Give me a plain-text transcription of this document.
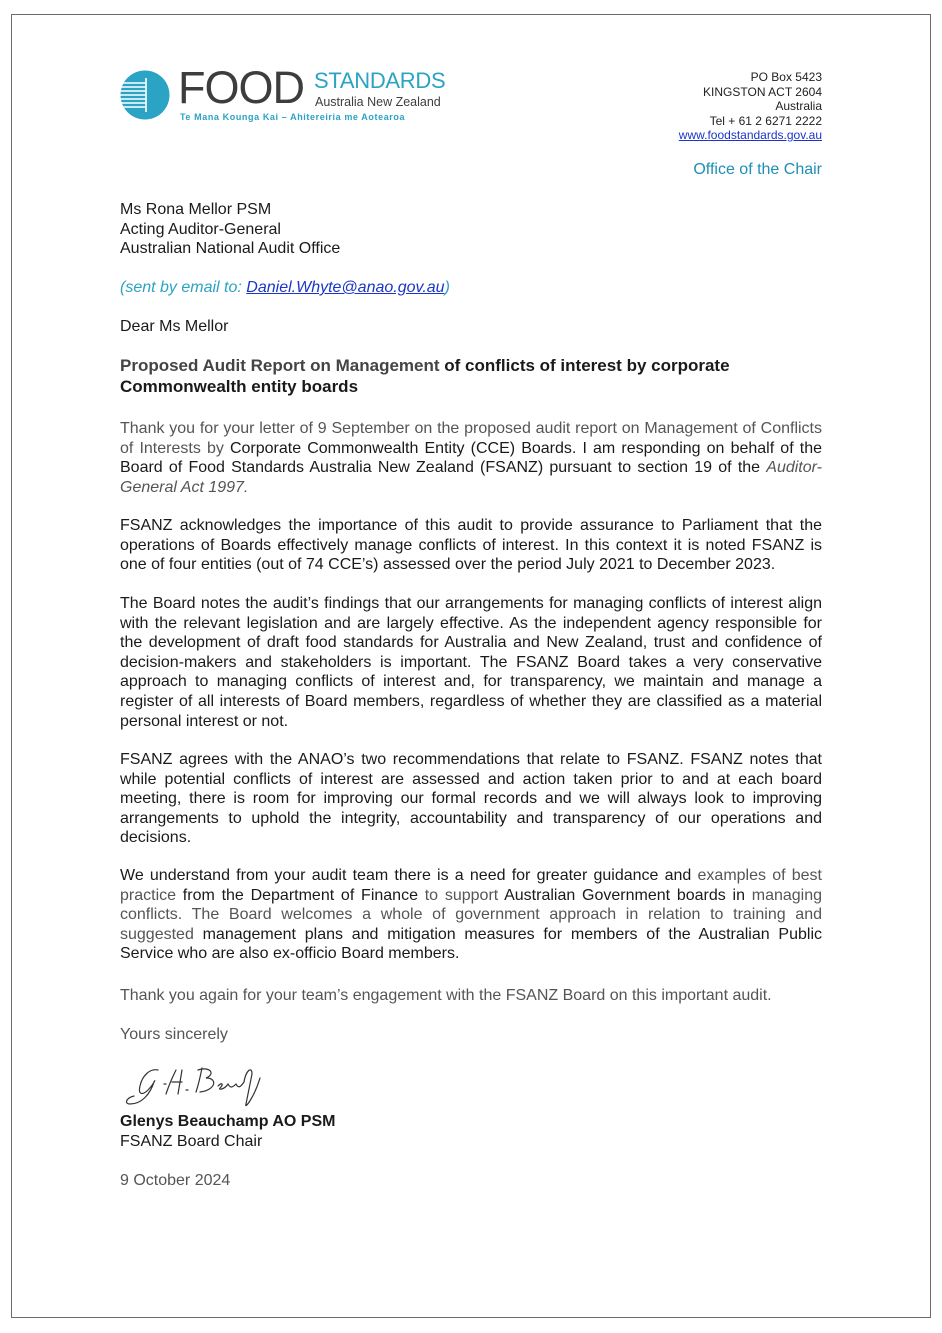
FOOD STANDARDS
Australia New Zealand
Te Mana Kounga Kai – Ahitereiria me Aotearoa
PO Box 5423
KINGSTON ACT 2604
Australia
Tel + 61 2 6271 2222
www.foodstandards.gov.au
Office of the Chair
Ms Rona Mellor PSM
Acting Auditor-General
Australian National Audit Office
(sent by email to: Daniel.Whyte@anao.gov.au)
Dear Ms Mellor
Proposed Audit Report on Management of conflicts of interest by corporate Commonwealth entity boards

Thank you for your letter of 9 September on the proposed audit report on Management of Conflicts of Interests by Corporate Commonwealth Entity (CCE) Boards. I am responding on behalf of the Board of Food Standards Australia New Zealand (FSANZ) pursuant to section 19 of the Auditor-General Act 1997.

FSANZ acknowledges the importance of this audit to provide assurance to Parliament that the operations of Boards effectively manage conflicts of interest. In this context it is noted FSANZ is one of four entities (out of 74 CCE’s) assessed over the period July 2021 to December 2023.

The Board notes the audit’s findings that our arrangements for managing conflicts of interest align with the relevant legislation and are largely effective. As the independent agency responsible for the development of draft food standards for Australia and New Zealand, trust and confidence of decision-makers and stakeholders is important. The FSANZ Board takes a very conservative approach to managing conflicts of interest and, for transparency, we maintain and manage a register of all interests of Board members, regardless of whether they are classified as a material personal interest or not.

FSANZ agrees with the ANAO’s two recommendations that relate to FSANZ. FSANZ notes that while potential conflicts of interest are assessed and action taken prior to and at each board meeting, there is room for improving our formal records and we will always look to improving arrangements to uphold the integrity, accountability and transparency of our operations and decisions.

We understand from your audit team there is a need for greater guidance and examples of best practice from the Department of Finance to support Australian Government boards in managing conflicts. The Board welcomes a whole of government approach in relation to training and suggested management plans and mitigation measures for members of the Australian Public Service who are also ex-officio Board members.

Thank you again for your team’s engagement with the FSANZ Board on this important audit.

Yours sincerely
Glenys Beauchamp AO PSM
FSANZ Board Chair
9 October 2024
